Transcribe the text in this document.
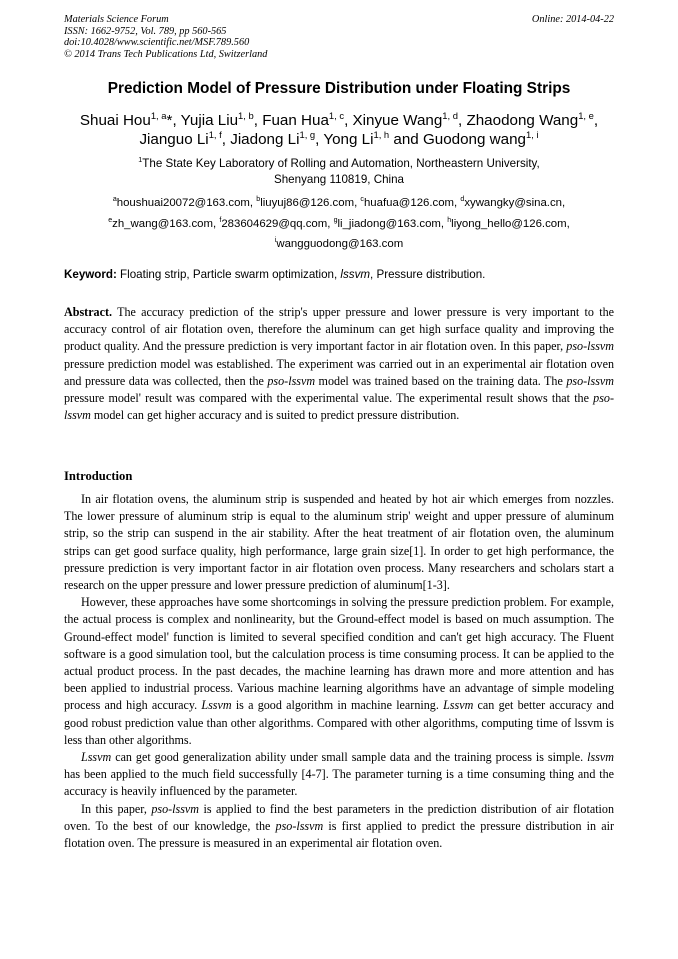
Materials Science Forum
ISSN: 1662-9752, Vol. 789, pp 560-565
doi:10.4028/www.scientific.net/MSF.789.560
© 2014 Trans Tech Publications Ltd, Switzerland
Online: 2014-04-22
Prediction Model of Pressure Distribution under Floating Strips
Shuai Hou$^{1, a}$*, Yujia Liu$^{1, b}$, Fuan Hua$^{1, c}$, Xinyue Wang$^{1, d}$, Zhaodong Wang$^{1, e}$,
Jianguo Li$^{1, f}$, Jiadong Li$^{1, g}$, Yong Li$^{1, h}$ and Guodong wang$^{1, i}$
$^1$The State Key Laboratory of Rolling and Automation, Northeastern University,
Shenyang 110819, China
$^a$houshuai20072@163.com, $^b$liuyuj86@126.com, $^c$huafua@126.com, $^d$xywangky@sina.cn,
$^e$zh_wang@163.com, $^f$283604629@qq.com, $^g$li_jiadong@163.com, $^h$liyong_hello@126.com,
$^i$wangguodong@163.com
Keyword: Floating strip, Particle swarm optimization, lssvm, Pressure distribution.
Abstract. The accuracy prediction of the strip's upper pressure and lower pressure is very important to the accuracy control of air flotation oven, therefore the aluminum can get high surface quality and improving the product quality. And the pressure prediction is very important factor in air flotation oven. In this paper, pso-lssvm pressure prediction model was established. The experiment was carried out in an experimental air flotation oven and pressure data was collected, then the pso-lssvm model was trained based on the training data. The pso-lssvm pressure model' result was compared with the experimental value. The experimental result shows that the pso-lssvm model can get higher accuracy and is suited to predict pressure distribution.
Introduction

In air flotation ovens, the aluminum strip is suspended and heated by hot air which emerges from nozzles. The lower pressure of aluminum strip is equal to the aluminum strip' weight and upper pressure of aluminum strip, so the strip can suspend in the air stability. After the heat treatment of air flotation oven, the aluminum strips can get good surface quality, high performance, large grain size[1]. In order to get high performance, the pressure prediction is very important factor in air flotation oven process. Many researchers and scholars start a research on the upper pressure and lower pressure prediction of aluminum[1-3].

However, these approaches have some shortcomings in solving the pressure prediction problem. For example, the actual process is complex and nonlinearity, but the Ground-effect model is based on much assumption. The Ground-effect model' function is limited to several specified condition and can't get high accuracy. The Fluent software is a good simulation tool, but the calculation process is time consuming process. It can be applied to the actual product process. In the past decades, the machine learning has drawn more and more attention and has been applied to industrial process. Various machine learning algorithms have an advantage of simple modeling process and high accuracy. Lssvm is a good algorithm in machine learning. Lssvm can get better accuracy and good robust prediction value than other algorithms. Compared with other algorithms, computing time of lssvm is less than other algorithms.

Lssvm can get good generalization ability under small sample data and the training process is simple. lssvm has been applied to the much field successfully [4-7]. The parameter turning is a time consuming thing and the accuracy is heavily influenced by the parameter.

In this paper, pso-lssvm is applied to find the best parameters in the prediction distribution of air flotation oven. To the best of our knowledge, the pso-lssvm is first applied to predict the pressure distribution in air flotation oven. The pressure is measured in an experimental air flotation oven.
